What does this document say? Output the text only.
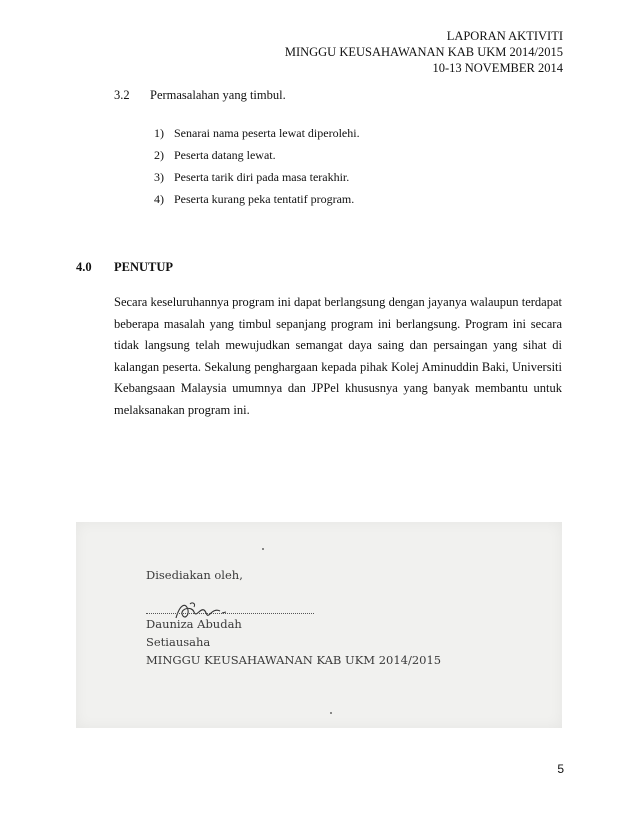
LAPORAN AKTIVITI
MINGGU KEUSAHAWANAN KAB UKM 2014/2015
10-13 NOVEMBER 2014
3.2 Permasalahan yang timbul.
1) Senarai nama peserta lewat diperolehi.
2) Peserta datang lewat.
3) Peserta tarik diri pada masa terakhir.
4) Peserta kurang peka tentatif program.
4.0 PENUTUP

Secara keseluruhannya program ini dapat berlangsung dengan jayanya walaupun terdapat beberapa masalah yang timbul sepanjang program ini berlangsung. Program ini secara tidak langsung telah mewujudkan semangat daya saing dan persaingan yang sihat di kalangan peserta. Sekalung penghargaan kepada pihak Kolej Aminuddin Baki, Universiti Kebangsaan Malaysia umumnya dan JPPel khususnya yang banyak membantu untuk melaksanakan program ini.

Disediakan oleh,
Dauniza Abudah
Setiausaha
MINGGU KEUSAHAWANAN KAB UKM 2014/2015
5
